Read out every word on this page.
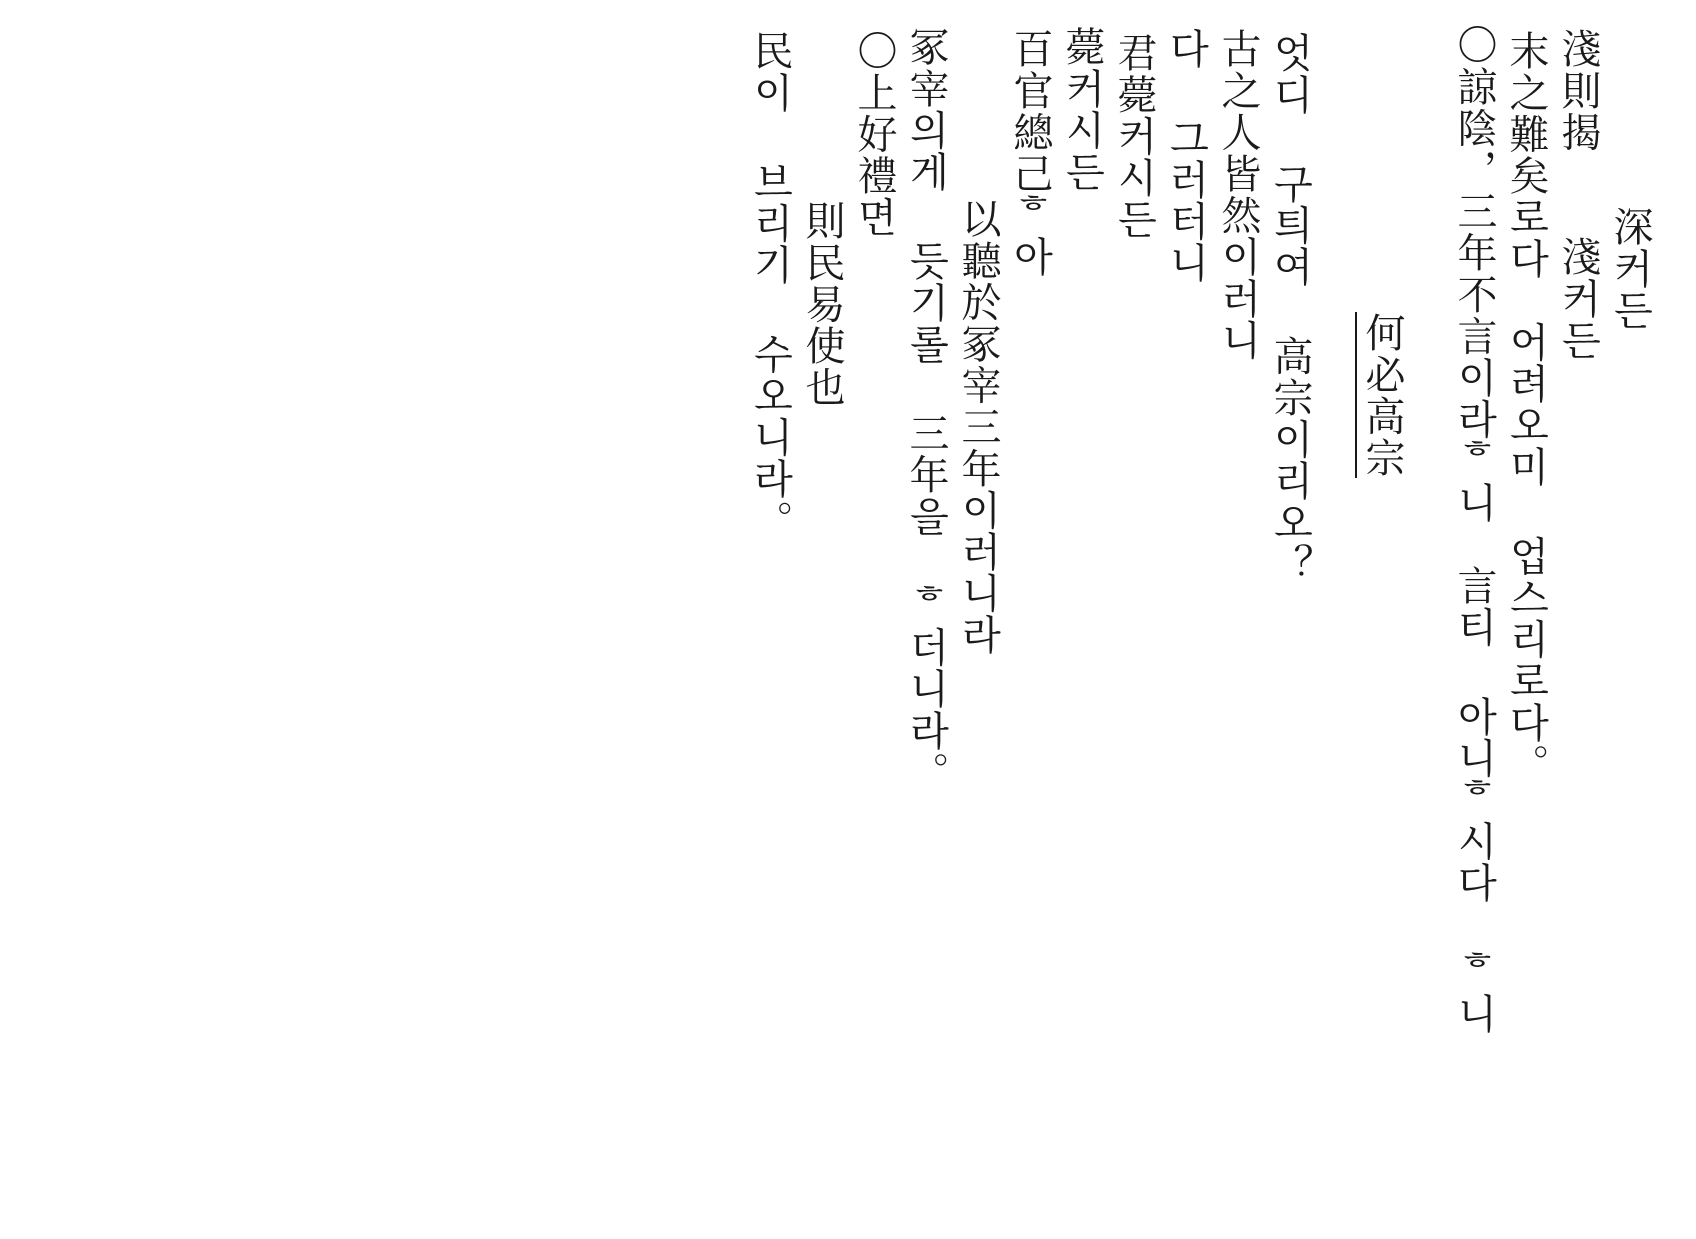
深커든
淺則揭　　淺커든
末之難矣로다　어려오미 업스리로다。
〇諒陰，三年不言이라ᄒ니　言티 아니ᄒ시다 ᄒ니

何必高宗

엇디 구틔여 高宗이리오？
古之人皆然이러니
다 그러터니
君薨커시든
薨커시든
百官總己ᄒ아
以聽於冢宰三年이러니라
冢宰의게 듯기롤 三年을 ᄒ더니라。
〇上好禮면
則民易使也
民이 브리기 수오니라。
